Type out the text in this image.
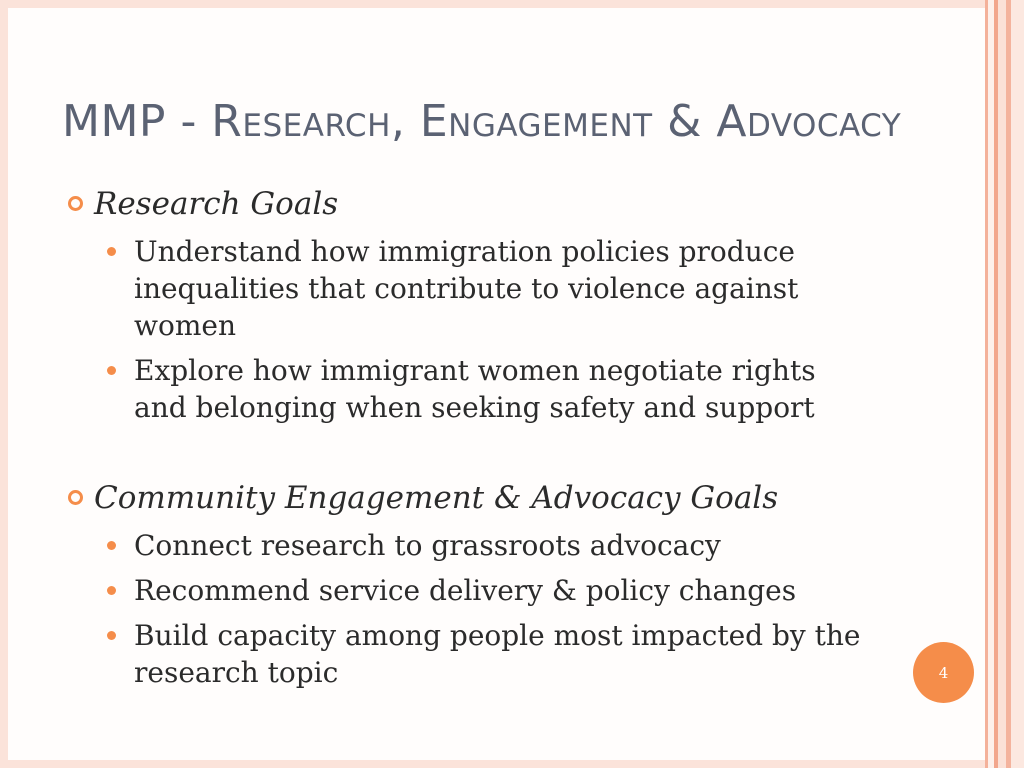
MMP - Research, Engagement & Advocacy
Research Goals
Understand how immigration policies produce inequalities that contribute to violence against women
Explore how immigrant women negotiate rights and belonging when seeking safety and support
Community Engagement & Advocacy Goals
Connect research to grassroots advocacy
Recommend service delivery & policy changes
Build capacity among people most impacted by the research topic	4
